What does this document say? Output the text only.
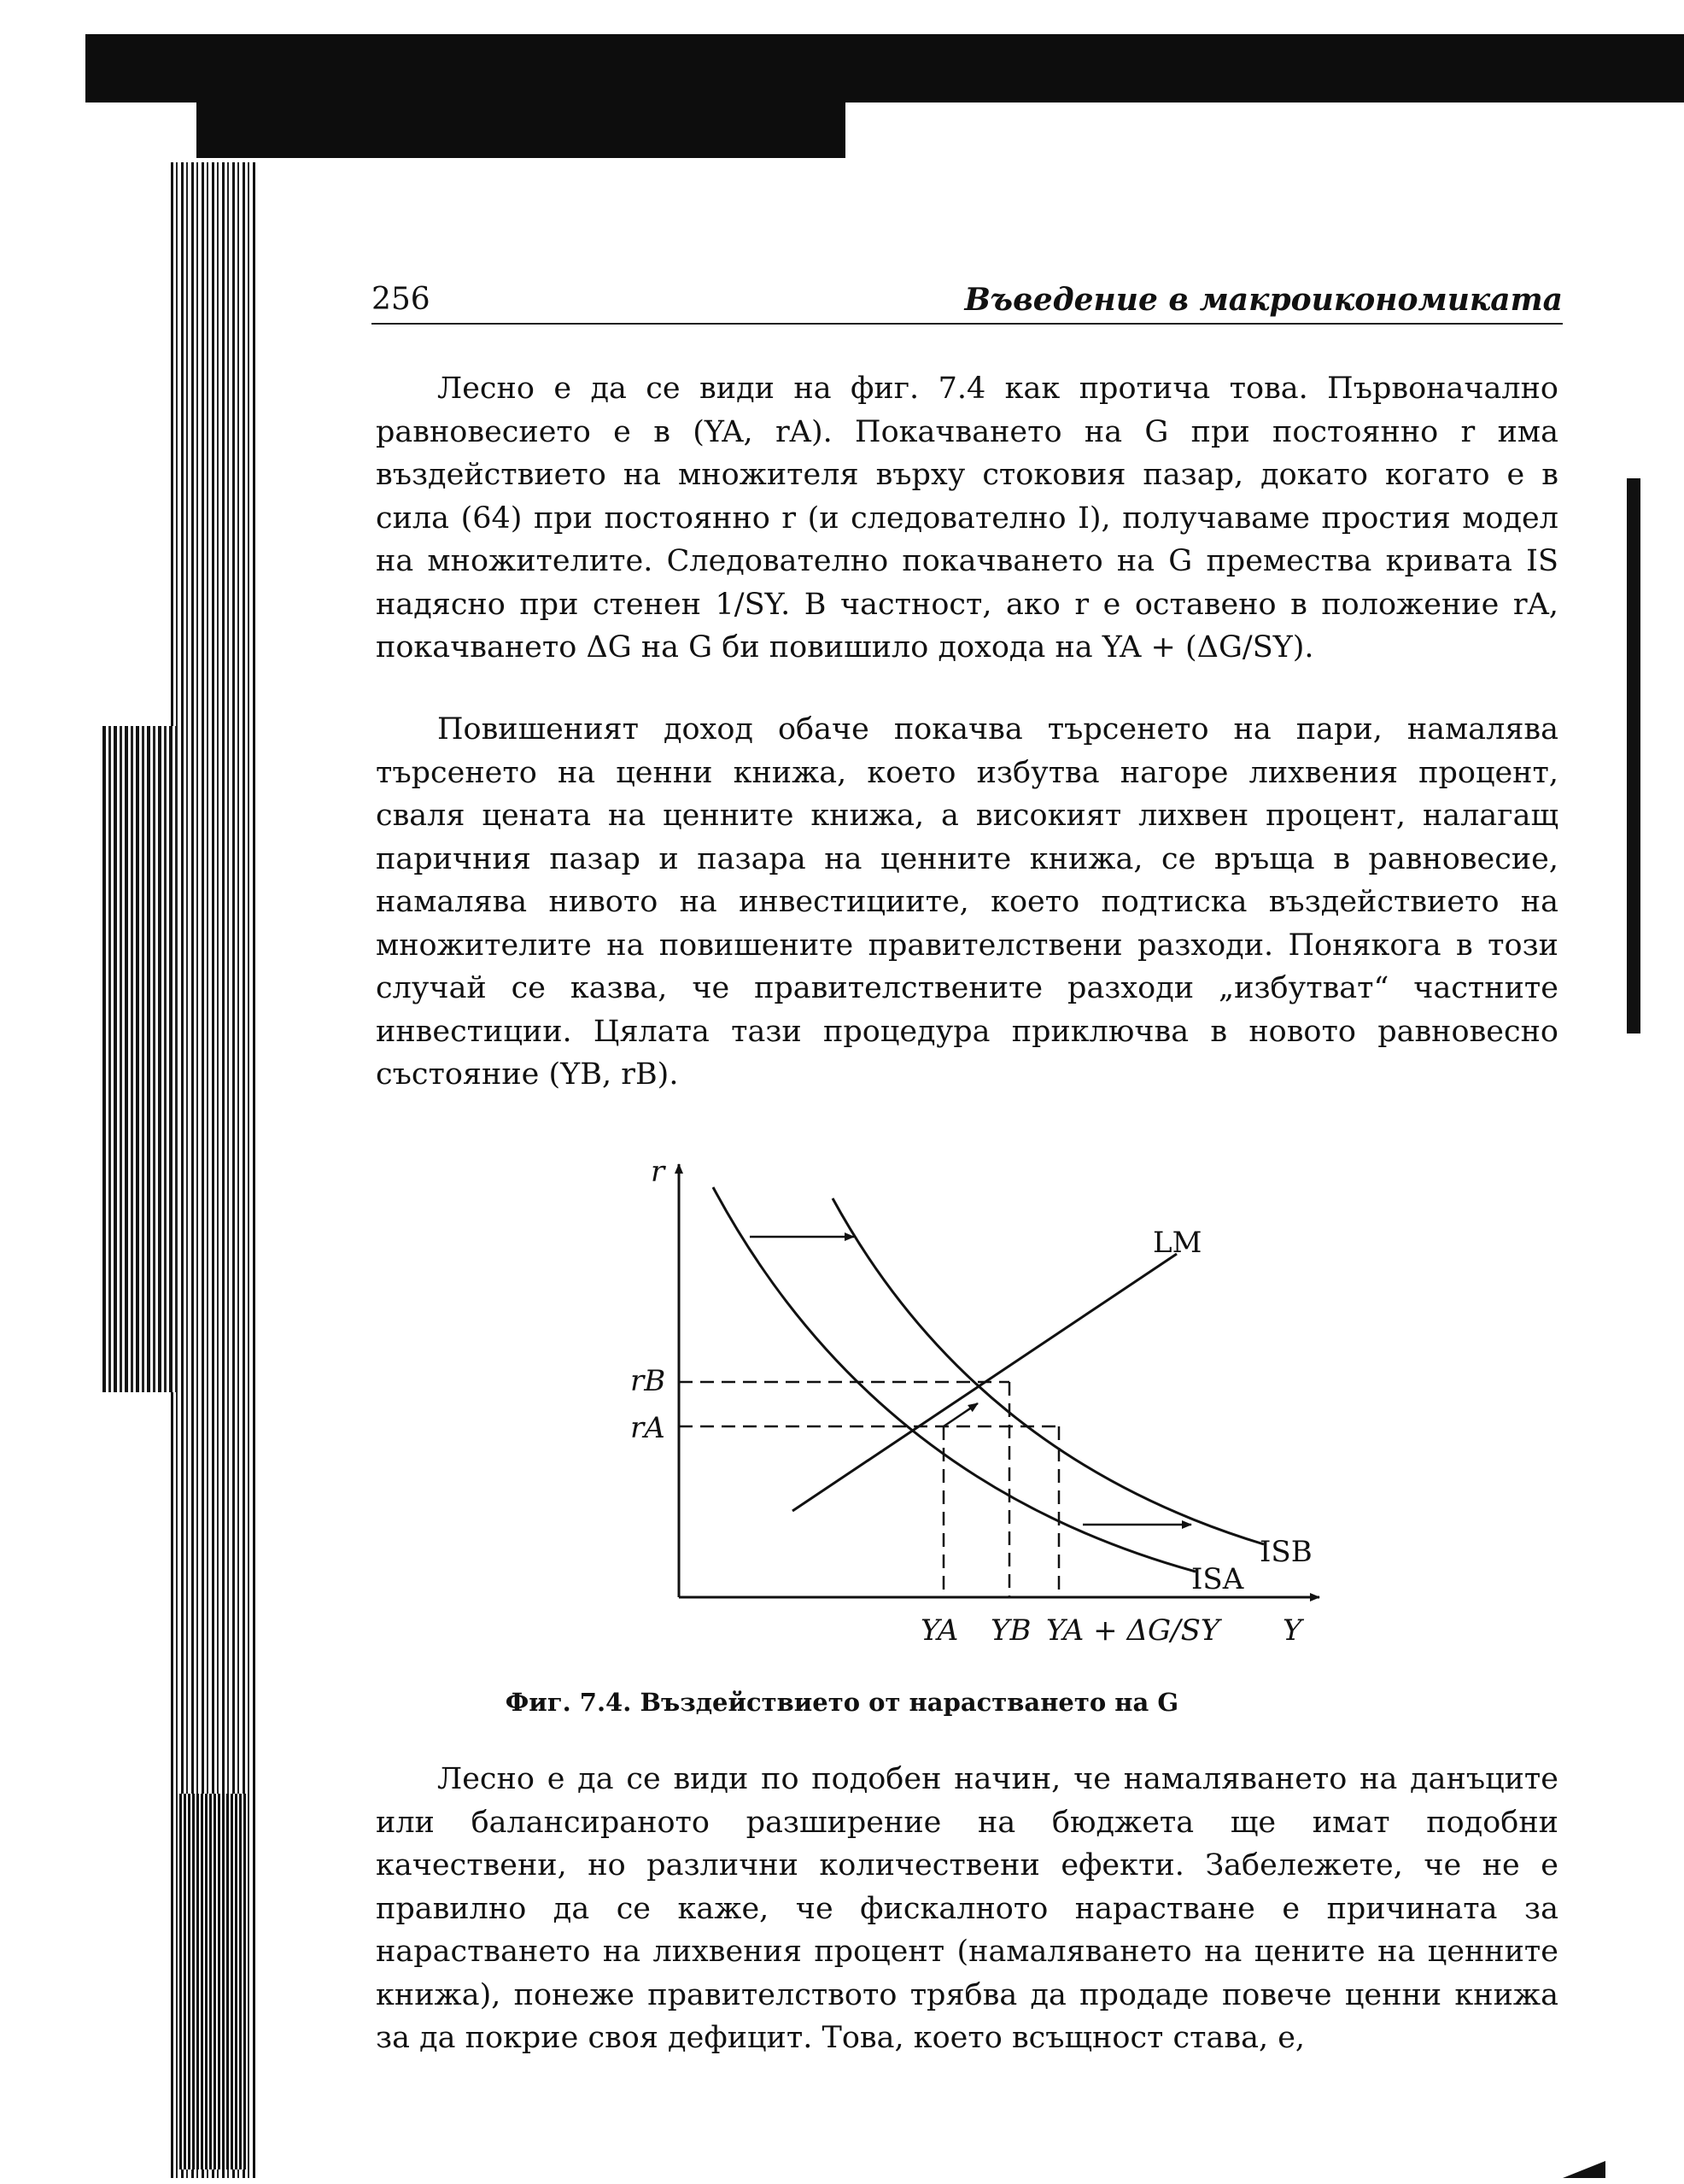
256	Въведение в макроикономиката

Лесно е да се види на фиг. 7.4 как протича това. Първоначално равновесието е в (YA, rA). Покачването на G при постоянно r има въздействието на множителя върху стоковия пазар, докато когато е в сила (64) при постоянно r (и следователно I), получаваме простия модел на множителите. Следователно покачването на G премества кривата IS надясно при стенен 1/SY. В частност, ако r е оставено в положение rA, покачването ΔG на G би повишило дохода на YA + (ΔG/SY).

Повишеният доход обаче покачва търсенето на пари, намалява търсенето на ценни книжа, което избутва нагоре лихвения процент, сваля цената на ценните книжа, а високият лихвен процент, налагащ паричния пазар и пазара на ценните книжа, се връща в равновесие, намалява нивото на инвестициите, което подтиска въздействието на множителите на повишените правителствени разходи. Понякога в този случай се казва, че правителствените разходи „избутват“ частните инвестиции. Цялата тази процедура приключва в новото равновесно състояние (YB, rB).

r
Y
LM
ISB
ISA
rB
rA
YA YB YA + ΔG/SY
Фиг. 7.4. Въздействието от нарастването на G

Лесно е да се види по подобен начин, че намаляването на данъците или балансираното разширение на бюджета ще имат подобни качествени, но различни количествени ефекти. Забележете, че не е правилно да се каже, че фискалното нарастване е причината за нарастването на лихвения процент (намаляването на цените на ценните книжа), понеже правителството трябва да продаде повече ценни книжа за да покрие своя дефицит. Това, което всъщност става, е,
